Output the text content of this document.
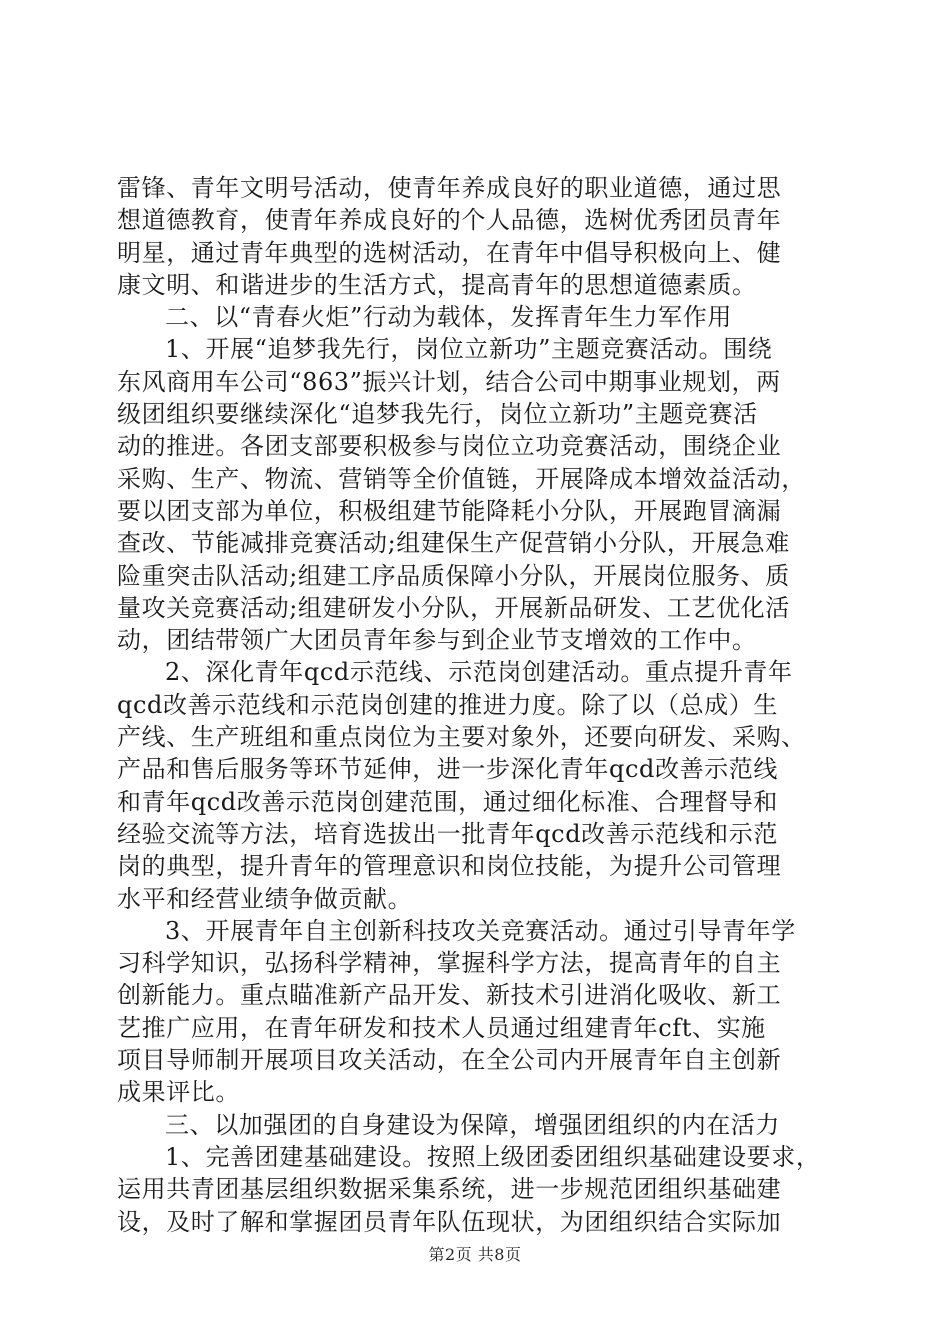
雷锋、青年文明号活动，使青年养成良好的职业道德，通过思
想道德教育，使青年养成良好的个人品德，选树优秀团员青年
明星，通过青年典型的选树活动，在青年中倡导积极向上、健
康文明、和谐进步的生活方式，提高青年的思想道德素质。
二、以“青春火炬”行动为载体，发挥青年生力军作用
1、开展“追梦我先行，岗位立新功”主题竞赛活动。围绕
东风商用车公司“863”振兴计划，结合公司中期事业规划，两
级团组织要继续深化“追梦我先行，岗位立新功”主题竞赛活
动的推进。各团支部要积极参与岗位立功竞赛活动，围绕企业
采购、生产、物流、营销等全价值链，开展降成本增效益活动，
要以团支部为单位，积极组建节能降耗小分队，开展跑冒滴漏
查改、节能减排竞赛活动;组建保生产促营销小分队，开展急难
险重突击队活动;组建工序品质保障小分队，开展岗位服务、质
量攻关竞赛活动;组建研发小分队，开展新品研发、工艺优化活
动，团结带领广大团员青年参与到企业节支增效的工作中。
2、深化青年qcd示范线、示范岗创建活动。重点提升青年
qcd改善示范线和示范岗创建的推进力度。除了以（总成）生
产线、生产班组和重点岗位为主要对象外，还要向研发、采购、
产品和售后服务等环节延伸，进一步深化青年qcd改善示范线
和青年qcd改善示范岗创建范围，通过细化标准、合理督导和
经验交流等方法，培育选拔出一批青年qcd改善示范线和示范
岗的典型，提升青年的管理意识和岗位技能，为提升公司管理
水平和经营业绩争做贡献。
3、开展青年自主创新科技攻关竞赛活动。通过引导青年学
习科学知识，弘扬科学精神，掌握科学方法，提高青年的自主
创新能力。重点瞄准新产品开发、新技术引进消化吸收、新工
艺推广应用，在青年研发和技术人员通过组建青年cft、实施
项目导师制开展项目攻关活动，在全公司内开展青年自主创新
成果评比。
三、以加强团的自身建设为保障，增强团组织的内在活力
1、完善团建基础建设。按照上级团委团组织基础建设要求，
运用共青团基层组织数据采集系统，进一步规范团组织基础建
设，及时了解和掌握团员青年队伍现状，为团组织结合实际加
第2页 共8页
